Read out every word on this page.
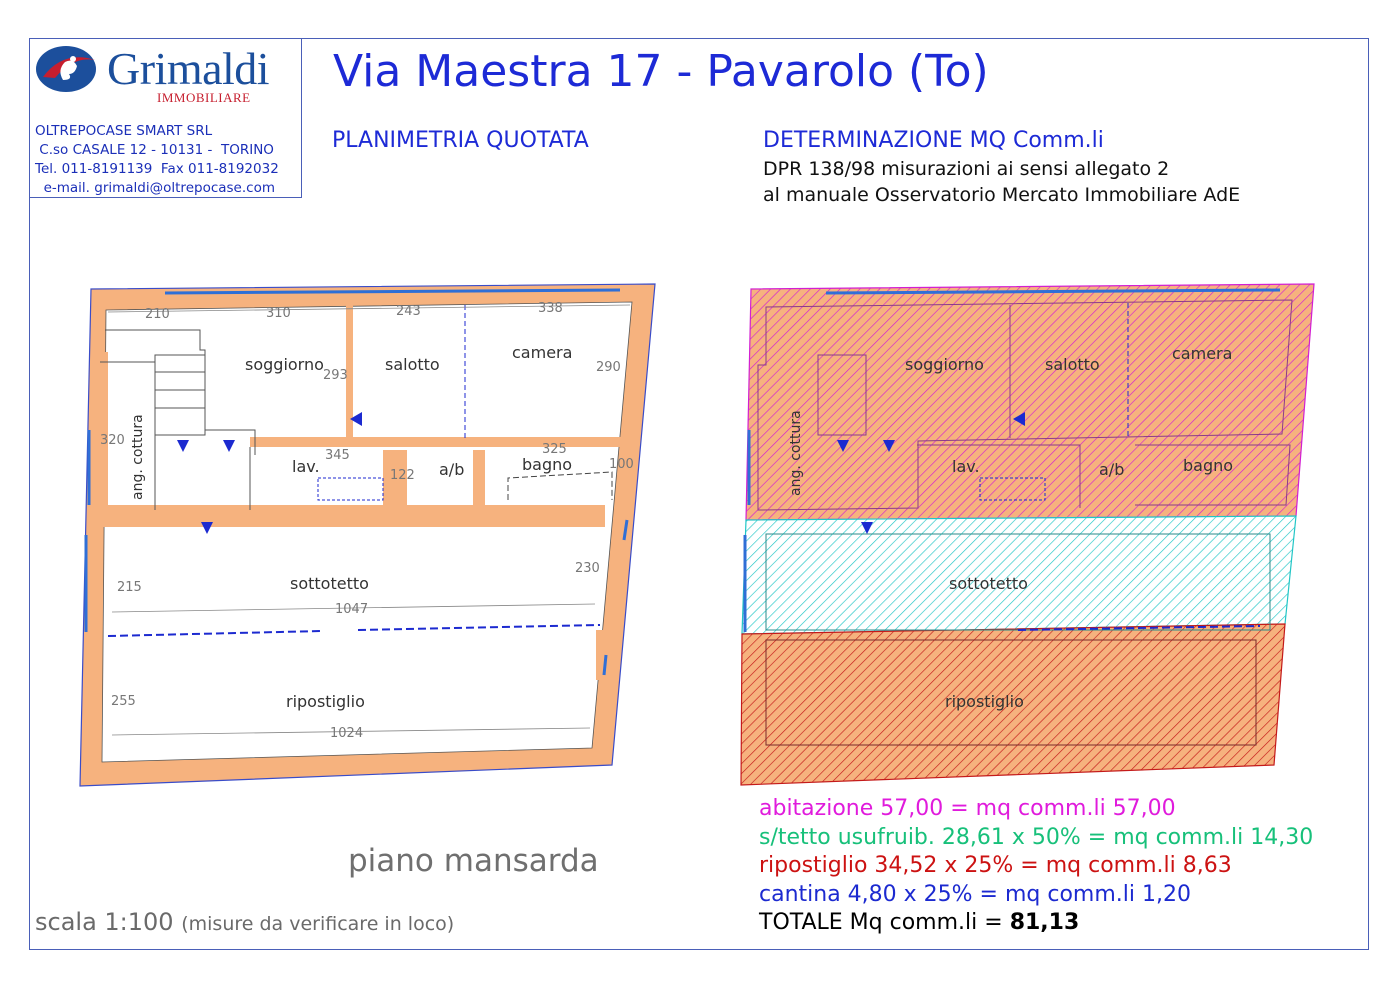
Grimaldi
IMMOBILIARE
OLTREPOCASE SMART SRL
C.so CASALE 12 - 10131 -  TORINO
Tel. 011-8191139  Fax 011-8192032
e-mail. grimaldi@oltrepocase.com
Via Maestra 17 - Pavarolo (To)
PLANIMETRIA QUOTATA	DETERMINAZIONE MQ Comm.li
DPR 138/98 misurazioni ai sensi allegato 2
al manuale Osservatorio Mercato Immobiliare AdE
soggiorno	salotto
camera
ang. cottura	lav.	a/b	bagno
sottotetto
ripostiglio
210	310	243	338
293
290
320
345
122
325
100
230
215
1047
255
1024
soggiorno	salotto
camera
ang. cottura	lav.	a/b	bagno
sottotetto
ripostiglio
piano mansarda
scala 1:100 (misure da verificare in loco)
abitazione 57,00 = mq comm.li 57,00
s/tetto usufruib. 28,61 x 50% = mq comm.li 14,30
ripostiglio 34,52 x 25% = mq comm.li 8,63
cantina 4,80 x 25% = mq comm.li 1,20
TOTALE Mq comm.li = 81,13
